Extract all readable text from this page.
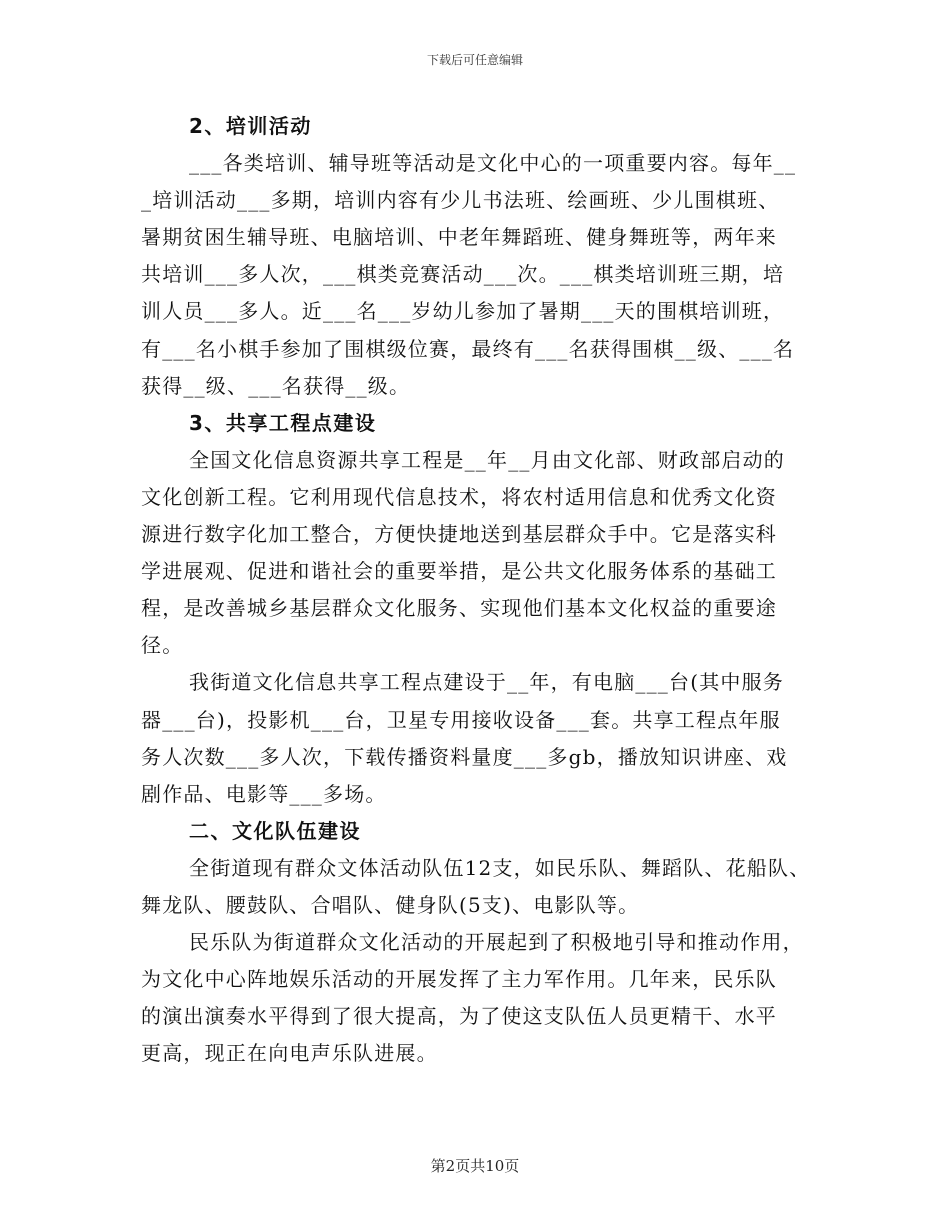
下载后可任意编辑
2、培训活动
___各类培训、辅导班等活动是文化中心的一项重要内容。每年__
_培训活动___多期，培训内容有少儿书法班、绘画班、少儿围棋班、
暑期贫困生辅导班、电脑培训、中老年舞蹈班、健身舞班等，两年来
共培训___多人次，___棋类竞赛活动___次。___棋类培训班三期，培
训人员___多人。近___名___岁幼儿参加了暑期___天的围棋培训班，
有___名小棋手参加了围棋级位赛，最终有___名获得围棋__级、___名
获得__级、___名获得__级。
3、共享工程点建设
全国文化信息资源共享工程是__年__月由文化部、财政部启动的
文化创新工程。它利用现代信息技术，将农村适用信息和优秀文化资
源进行数字化加工整合，方便快捷地送到基层群众手中。它是落实科
学进展观、促进和谐社会的重要举措，是公共文化服务体系的基础工
程，是改善城乡基层群众文化服务、实现他们基本文化权益的重要途
径。
我街道文化信息共享工程点建设于__年，有电脑___台(其中服务
器___台)，投影机___台，卫星专用接收设备___套。共享工程点年服
务人次数___多人次，下载传播资料量度___多gb，播放知识讲座、戏
剧作品、电影等___多场。
二、文化队伍建设
全街道现有群众文体活动队伍12支，如民乐队、舞蹈队、花船队、
舞龙队、腰鼓队、合唱队、健身队(5支)、电影队等。
民乐队为街道群众文化活动的开展起到了积极地引导和推动作用，
为文化中心阵地娱乐活动的开展发挥了主力军作用。几年来，民乐队
的演出演奏水平得到了很大提高，为了使这支队伍人员更精干、水平
更高，现正在向电声乐队进展。
第2页共10页
